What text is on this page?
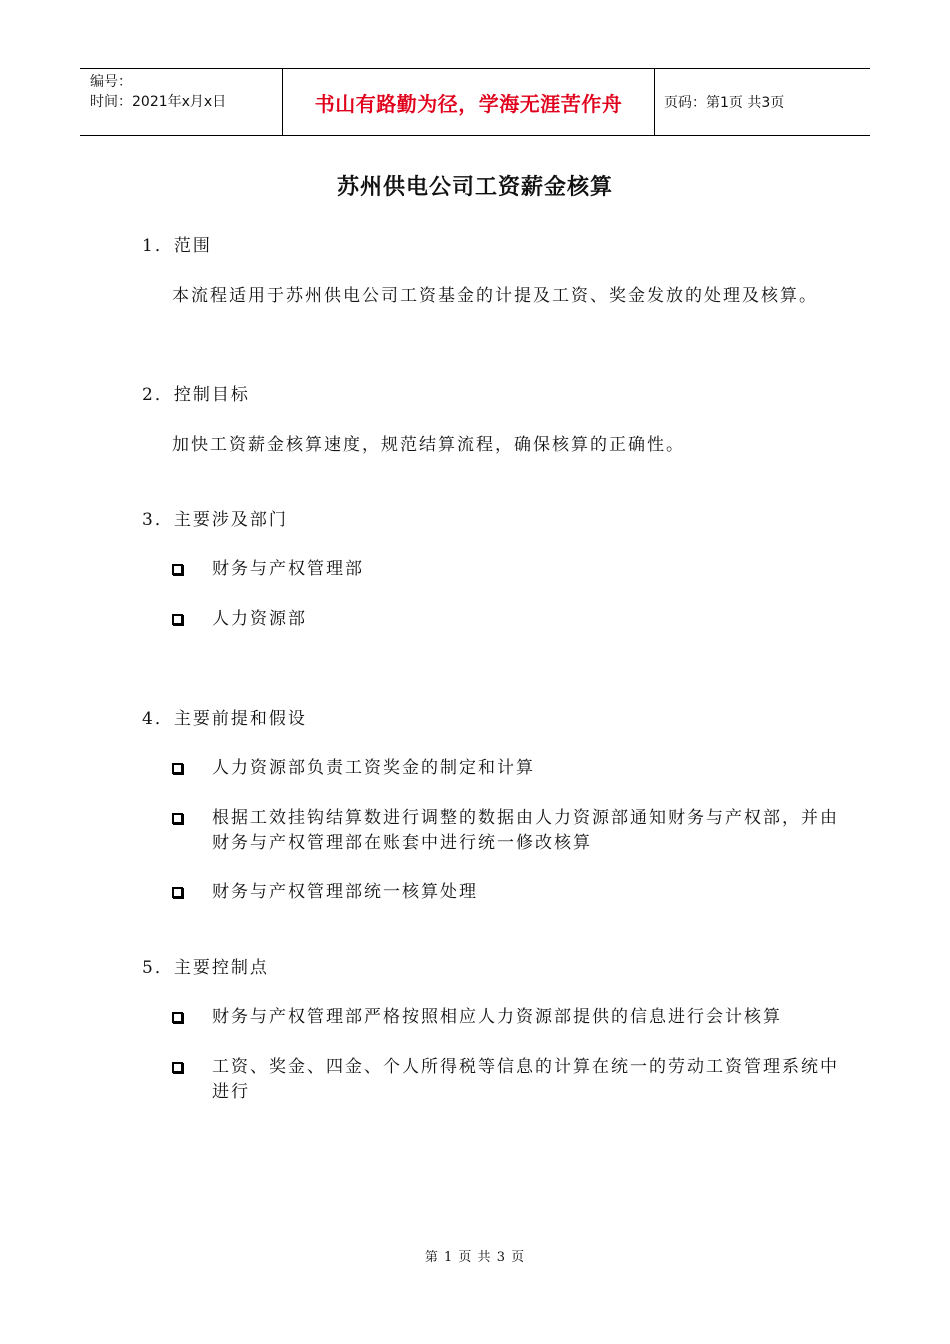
编号：
时间：2021年x月x日	书山有路勤为径，学海无涯苦作舟	页码：第1页 共3页
苏州供电公司工资薪金核算
1．范围
本流程适用于苏州供电公司工资基金的计提及工资、奖金发放的处理及核算。
2．控制目标
加快工资薪金核算速度，规范结算流程，确保核算的正确性。
3．主要涉及部门
财务与产权管理部
人力资源部
4．主要前提和假设
人力资源部负责工资奖金的制定和计算
根据工效挂钩结算数进行调整的数据由人力资源部通知财务与产权部，并由财务与产权管理部在账套中进行统一修改核算
财务与产权管理部统一核算处理
5．主要控制点
财务与产权管理部严格按照相应人力资源部提供的信息进行会计核算
工资、奖金、四金、个人所得税等信息的计算在统一的劳动工资管理系统中进行
第 1 页 共 3 页
